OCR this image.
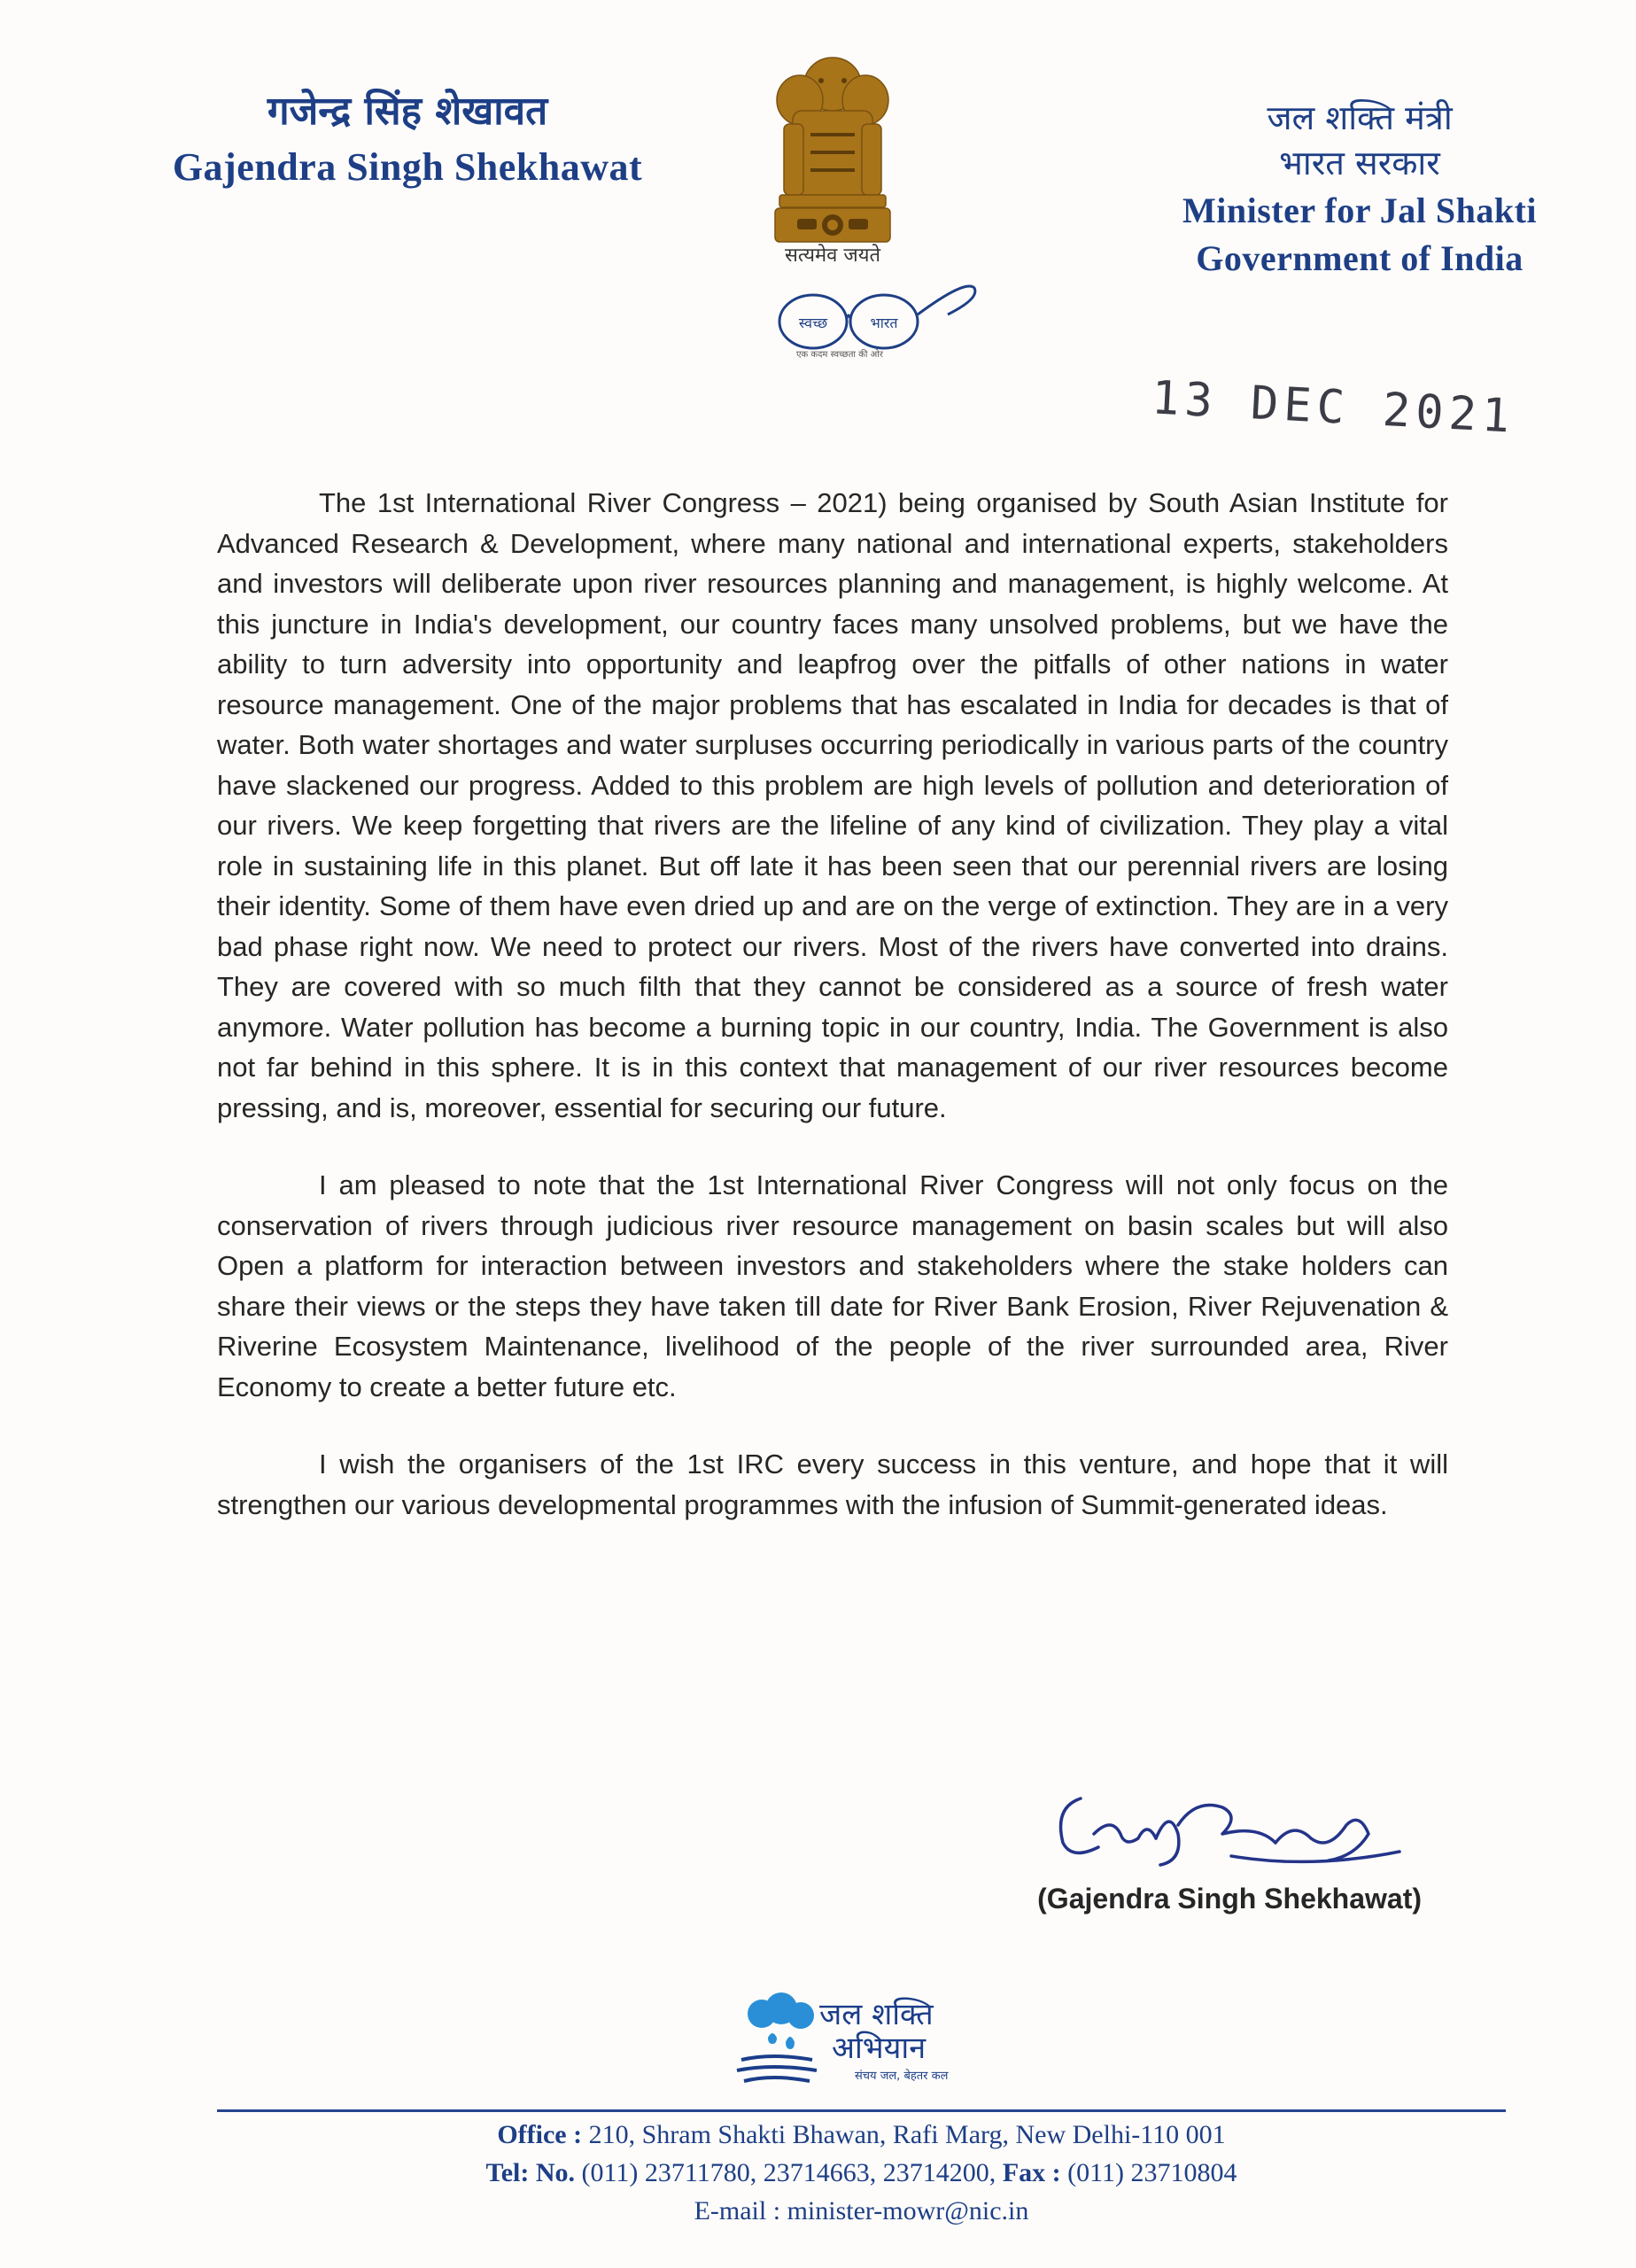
गजेन्द्र सिंह शेखावत
Gajendra Singh Shekhawat
सत्यमेव जयते
स्वच्छ	भारत
एक कदम स्वच्छता की ओर
जल शक्ति मंत्री
भारत सरकार
Minister for Jal Shakti
Government of India
13 DEC 2021

The 1st International River Congress – 2021) being organised by South Asian Institute for Advanced Research & Development, where many national and international experts, stakeholders and investors will deliberate upon river resources planning and management, is highly welcome. At this juncture in India's development, our country faces many unsolved problems, but we have the ability to turn adversity into opportunity and leapfrog over the pitfalls of other nations in water resource management. One of the major problems that has escalated in India for decades is that of water. Both water shortages and water surpluses occurring periodically in various parts of the country have slackened our progress. Added to this problem are high levels of pollution and deterioration of our rivers. We keep forgetting that rivers are the lifeline of any kind of civilization. They play a vital role in sustaining life in this planet. But off late it has been seen that our perennial rivers are losing their identity. Some of them have even dried up and are on the verge of extinction. They are in a very bad phase right now. We need to protect our rivers. Most of the rivers have converted into drains. They are covered with so much filth that they cannot be considered as a source of fresh water anymore. Water pollution has become a burning topic in our country, India. The Government is also not far behind in this sphere. It is in this context that management of our river resources become pressing, and is, moreover, essential for securing our future.

I am pleased to note that the 1st International River Congress will not only focus on the conservation of rivers through judicious river resource management on basin scales but will also Open a platform for interaction between investors and stakeholders where the stake holders can share their views or the steps they have taken till date for River Bank Erosion, River Rejuvenation & Riverine Ecosystem Maintenance, livelihood of the people of the river surrounded area, River Economy to create a better future etc.

I wish the organisers of the 1st IRC every success in this venture, and hope that it will strengthen our various developmental programmes with the infusion of Summit-generated ideas.

(Gajendra Singh Shekhawat)
जल शक्ति
अभियान
संचय जल, बेहतर कल
Office : 210, Shram Shakti Bhawan, Rafi Marg, New Delhi-110 001
Tel: No. (011) 23711780, 23714663, 23714200, Fax : (011) 23710804
E-mail : minister-mowr@nic.in
